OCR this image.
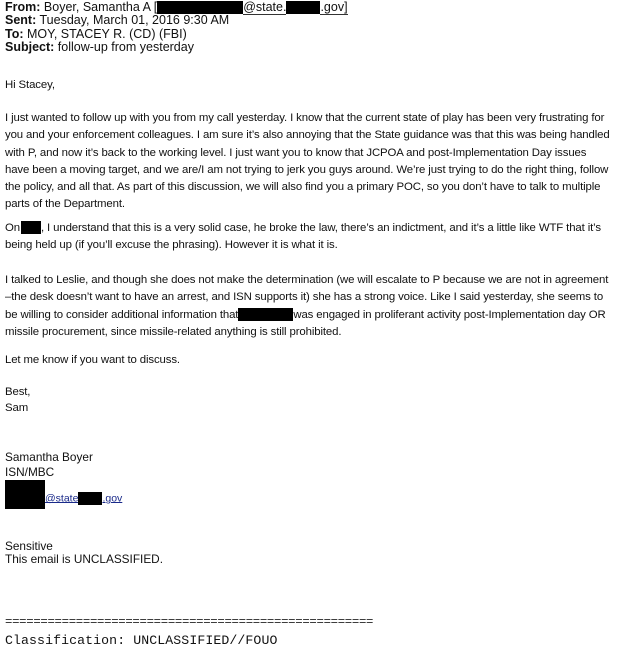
From: Boyer, Samantha A [	@state.	.gov]
Sent: Tuesday, March 01, 2016 9:30 AM
To: MOY, STACEY R. (CD) (FBI)
Subject: follow-up from yesterday

Hi Stacey,

I just wanted to follow up with you from my call yesterday. I know that the current state of play has been very frustrating for you and your enforcement colleagues. I am sure it’s also annoying that the State guidance was that this was being handled with P, and now it’s back to the working level. I just want you to know that JCPOA and post-Implementation Day issues have been a moving target, and we are/I am not trying to jerk you guys around. We’re just trying to do the right thing, follow the policy, and all that. As part of this discussion, we will also find you a primary POC, so you don’t have to talk to multiple parts of the Department.

On , I understand that this is a very solid case, he broke the law, there’s an indictment, and it’s a little like WTF that it’s being held up (if you’ll excuse the phrasing). However it is what it is.

I talked to Leslie, and though she does not make the determination (we will escalate to P because we are not in agreement –the desk doesn’t want to have an arrest, and ISN supports it) she has a strong voice. Like I said yesterday, she seems to be willing to consider additional information that	was engaged in proliferant activity post-Implementation day OR missile procurement, since missile-related anything is still prohibited.

Let me know if you want to discuss.

Best,

Sam

Samantha Boyer
ISN/MBC
@state .gov
Sensitive
This email is UNCLASSIFIED.
====================================================
Classification: UNCLASSIFIED//FOUO
